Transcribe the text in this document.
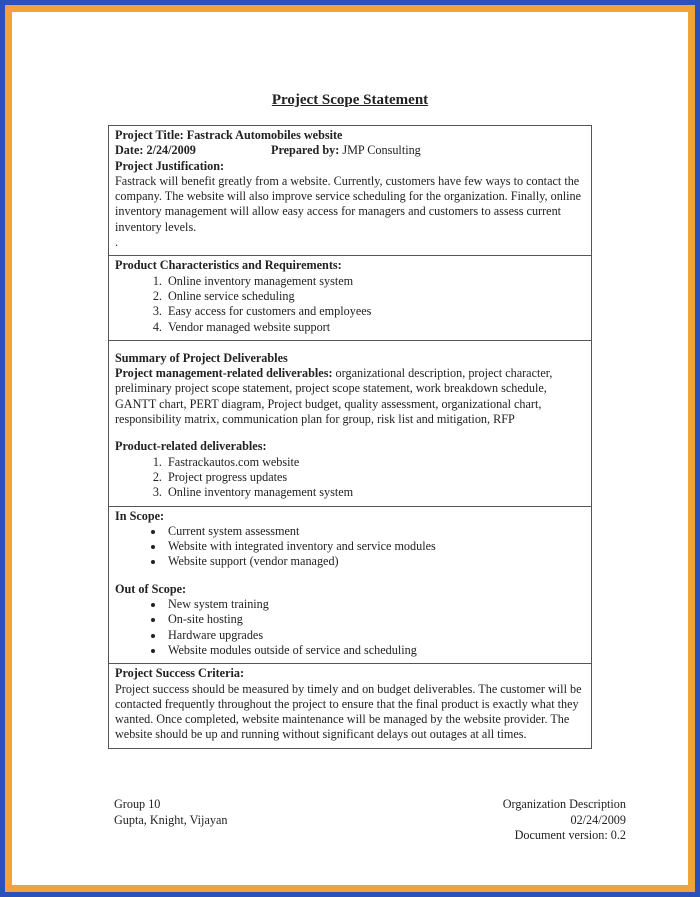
Project Scope Statement
Project Title: Fastrack Automobiles website
Date: 2/24/2009	Prepared by: JMP Consulting
Project Justification:
Fastrack will benefit greatly from a website. Currently, customers have few ways to contact the company. The website will also improve service scheduling for the organization. Finally, online inventory management will allow easy access for managers and customers to assess current inventory levels.
.
Product Characteristics and Requirements:
1. Online inventory management system
2. Online service scheduling
3. Easy access for customers and employees
4. Vendor managed website support
Summary of Project Deliverables
Project management-related deliverables: organizational description, project character, preliminary project scope statement, project scope statement, work breakdown schedule, GANTT chart, PERT diagram, Project budget, quality assessment, organizational chart, responsibility matrix, communication plan for group, risk list and mitigation, RFP
Product-related deliverables:
1. Fastrackautos.com website
2. Project progress updates
3. Online inventory management system
In Scope:
• Current system assessment
• Website with integrated inventory and service modules
• Website support (vendor managed)
Out of Scope:
• New system training
• On-site hosting
• Hardware upgrades
• Website modules outside of service and scheduling
Project Success Criteria:
Project success should be measured by timely and on budget deliverables. The customer will be contacted frequently throughout the project to ensure that the final product is exactly what they wanted. Once completed, website maintenance will be managed by the website provider. The website should be up and running without significant delays out outages at all times.
Group 10
Gupta, Knight, Vijayan
Organization Description
02/24/2009
Document version: 0.2
